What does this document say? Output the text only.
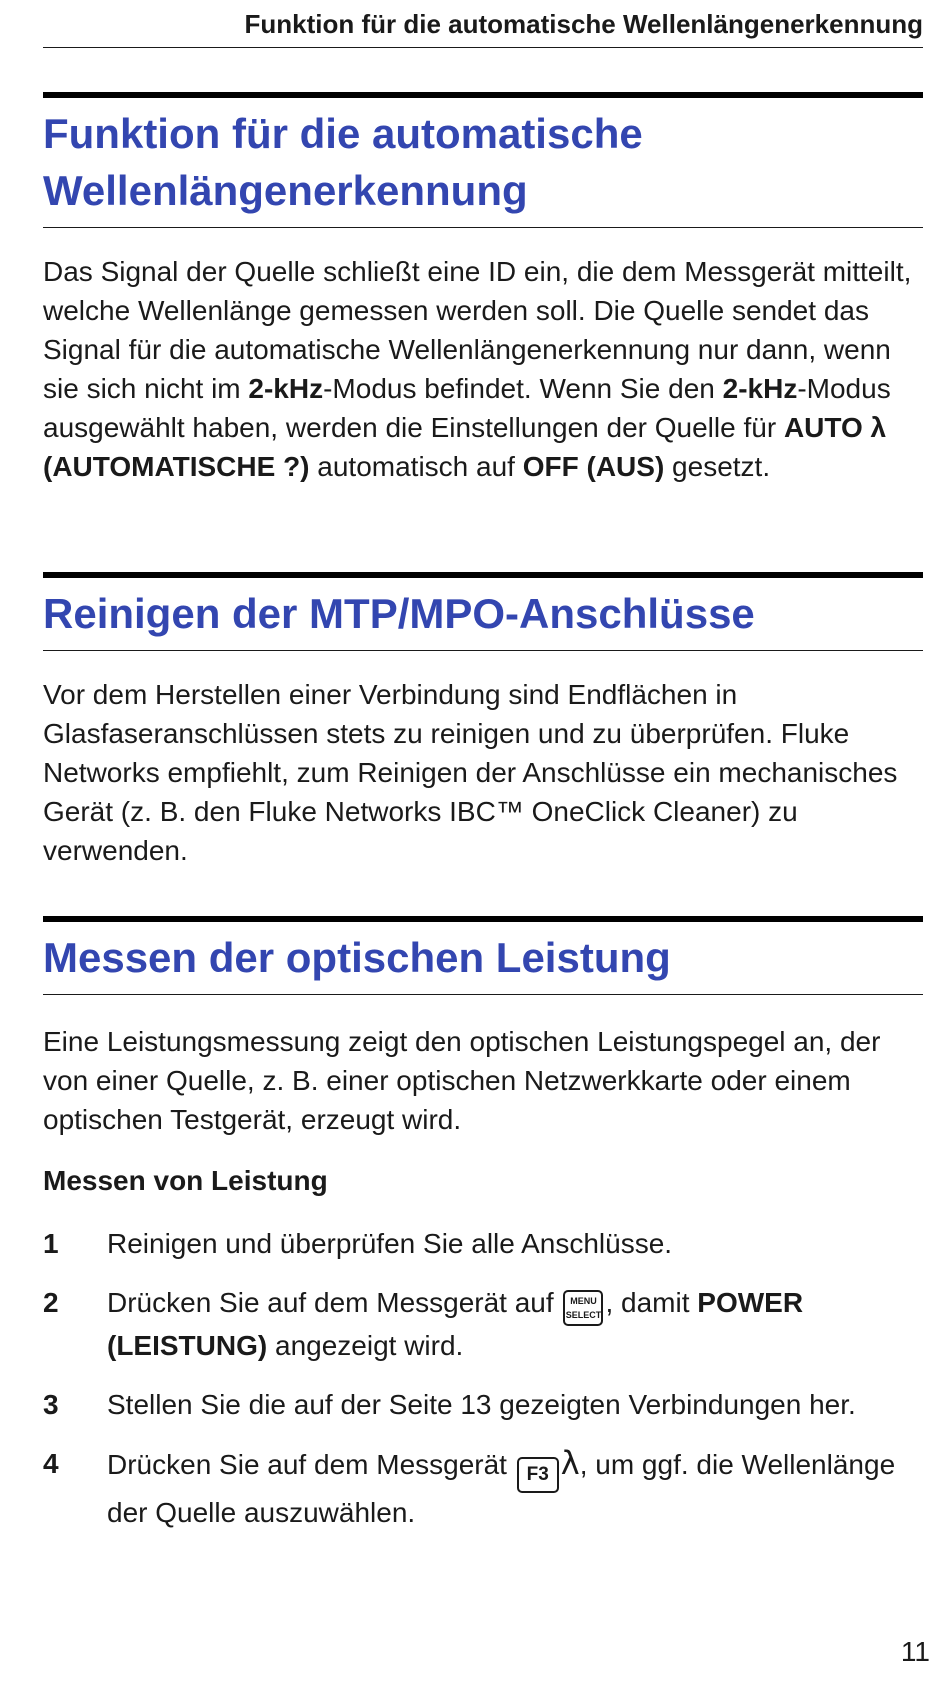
Funktion für die automatische Wellenlängenerkennung
Funktion für die automatische
Wellenlängenerkennung

Das Signal der Quelle schließt eine ID ein, die dem Messgerät mitteilt, welche Wellenlänge gemessen werden soll. Die Quelle sendet das Signal für die automatische Wellenlängenerkennung nur dann, wenn sie sich nicht im 2-kHz-Modus befindet. Wenn Sie den 2-kHz-Modus ausgewählt haben, werden die Einstellungen der Quelle für AUTO λ (AUTOMATISCHE ?) automatisch auf OFF (AUS) gesetzt.

Reinigen der MTP/MPO-Anschlüsse

Vor dem Herstellen einer Verbindung sind Endflächen in Glasfaseranschlüssen stets zu reinigen und zu überprüfen. Fluke Networks empfiehlt, zum Reinigen der Anschlüsse ein mechanisches Gerät (z. B. den Fluke Networks IBC™ OneClick Cleaner) zu verwenden.

Messen der optischen Leistung

Eine Leistungsmessung zeigt den optischen Leistungspegel an, der von einer Quelle, z. B. einer optischen Netzwerkkarte oder einem optischen Testgerät, erzeugt wird.

Messen von Leistung

1 Reinigen und überprüfen Sie alle Anschlüsse.
2 Drücken Sie auf dem Messgerät auf MENU
SELECT , damit POWER (LEISTUNG) angezeigt wird.
3 Stellen Sie die auf der Seite 13 gezeigten Verbindungen her.
4 Drücken Sie auf dem Messgerät F3 λ, um ggf. die Wellenlänge der Quelle auszuwählen.
11
